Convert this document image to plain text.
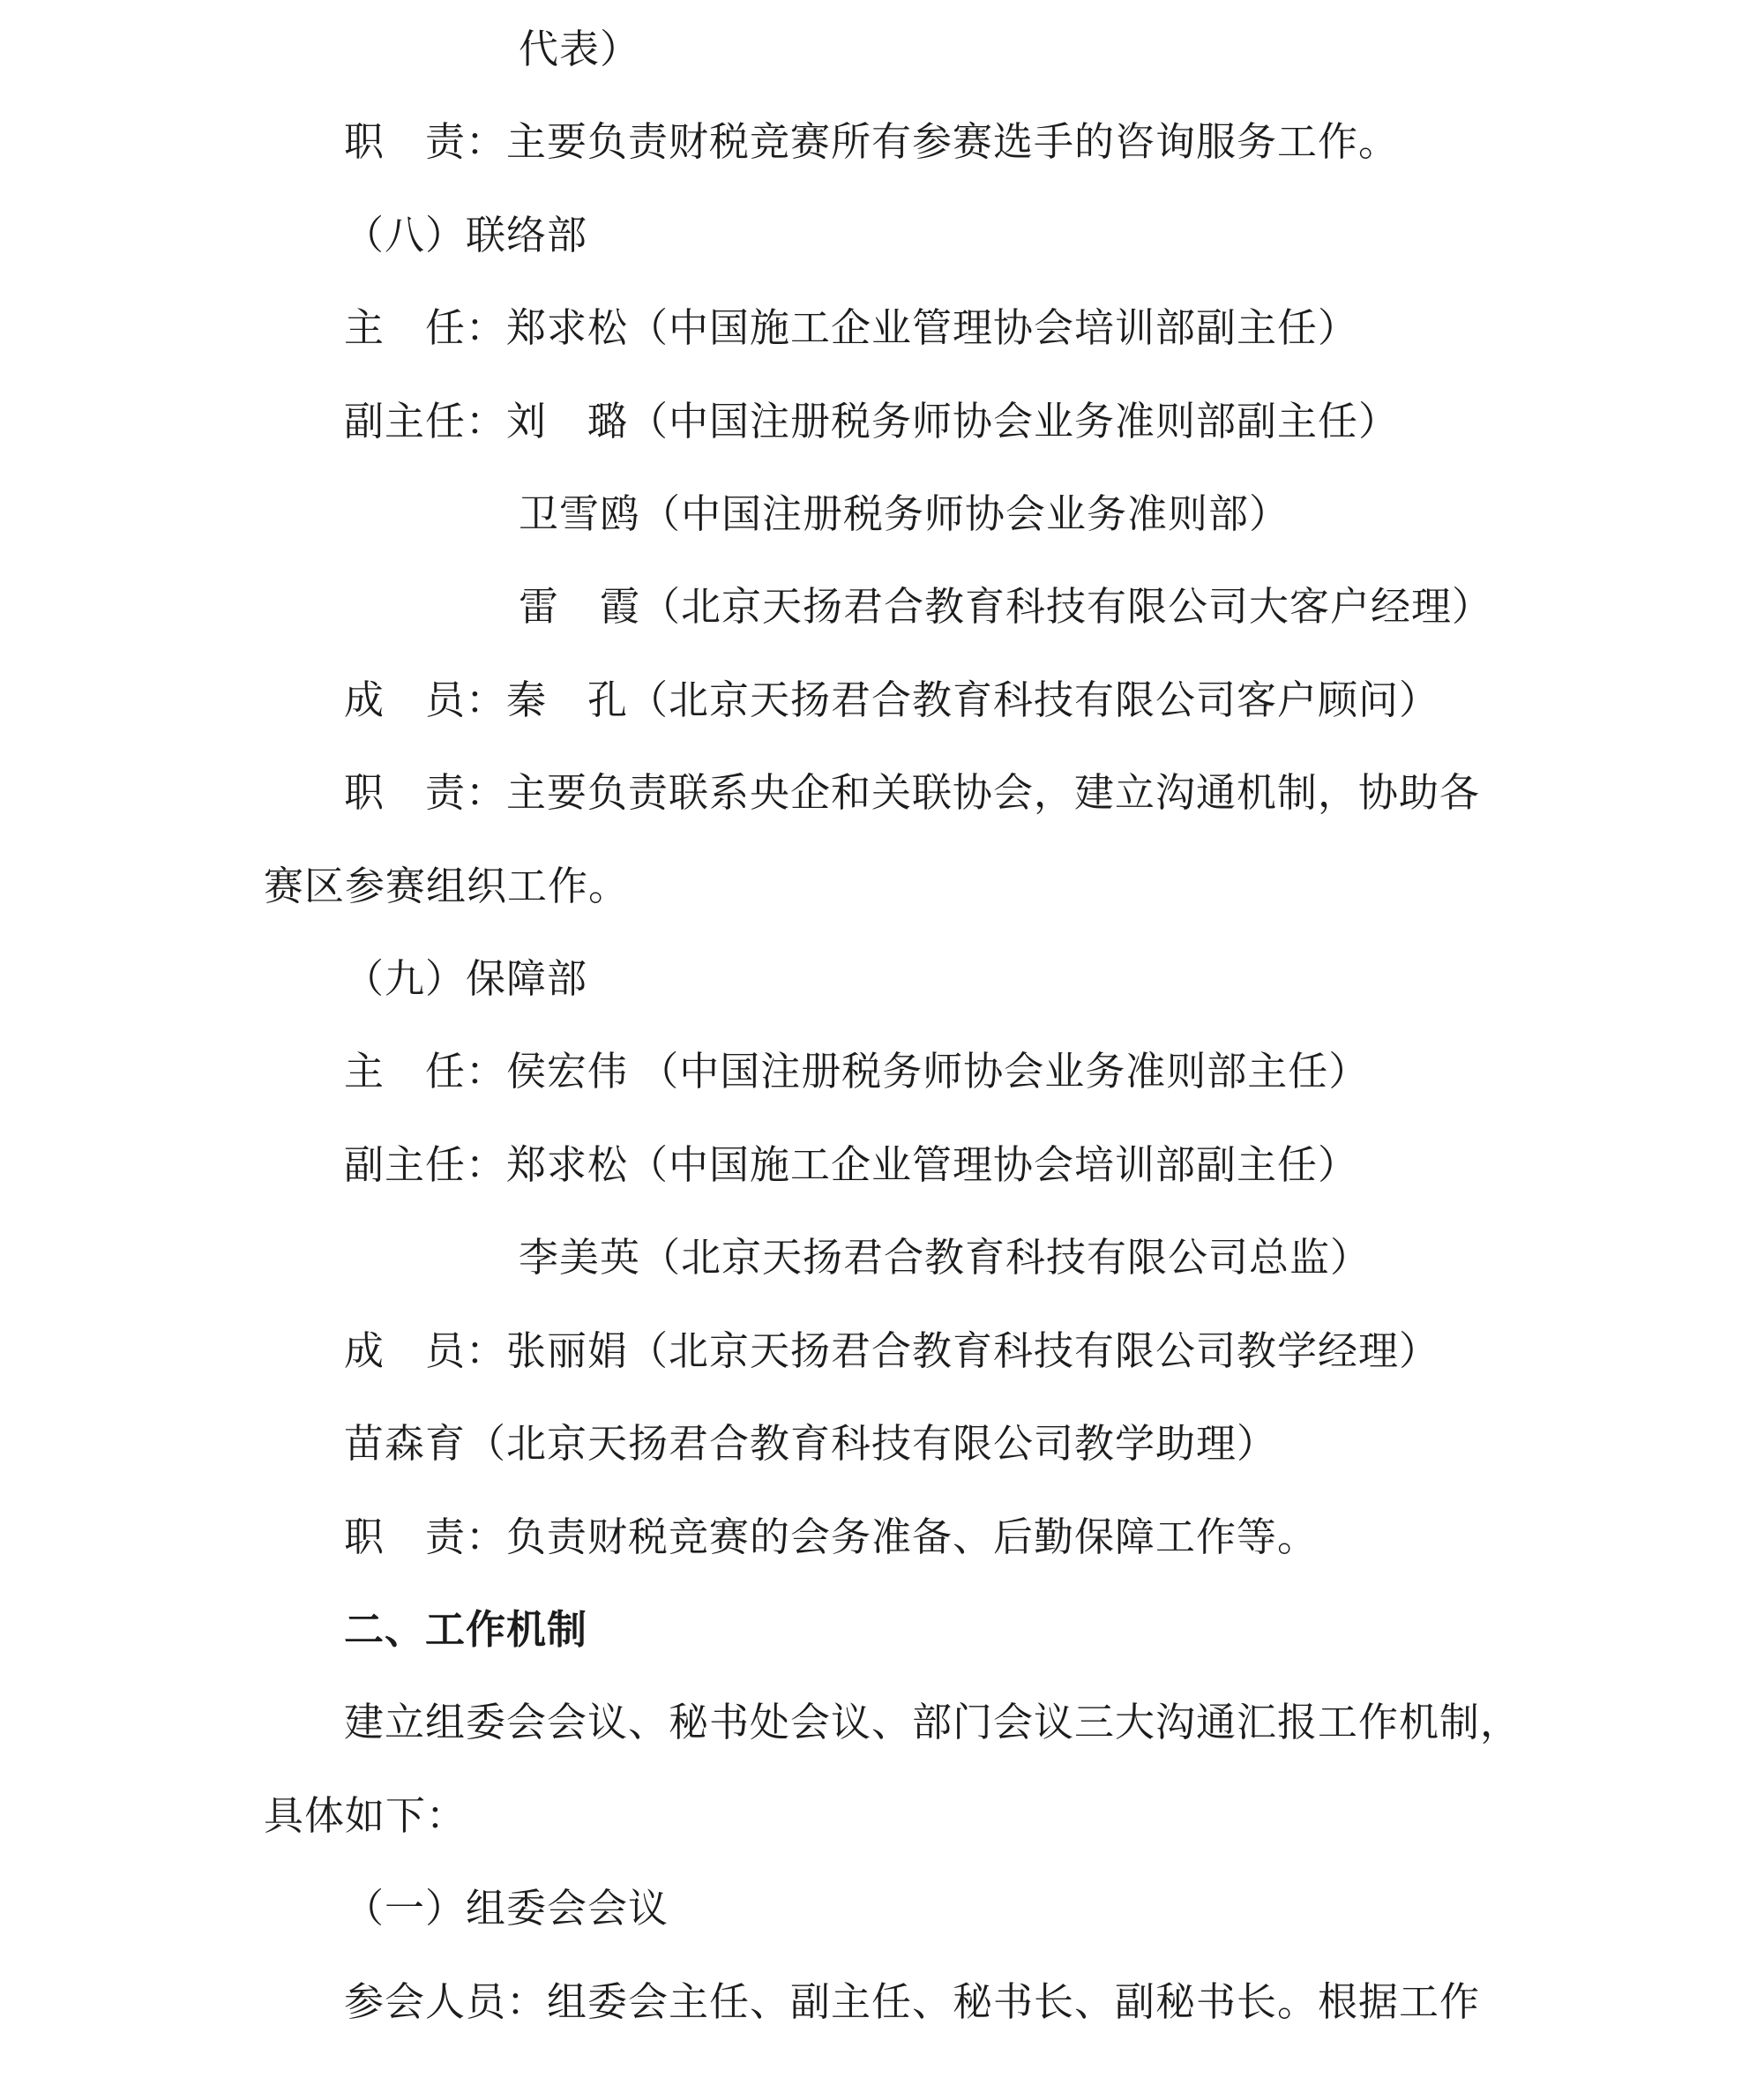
代表）
职　责：主要负责财税竞赛所有参赛选手的咨询服务工作。
（八）联络部
主　任：郑求松（中国施工企业管理协会培训部副主任）
副主任：刘　璐（中国注册税务师协会业务准则部副主任）
卫雪鸥（中国注册税务师协会业务准则部）
雷　霞（北京天扬君合教育科技有限公司大客户经理）
成　员：秦　孔（北京天扬君合教育科技有限公司客户顾问）
职　责：主要负责联系央企和关联协会，建立沟通机制，协助各
赛区参赛组织工作。
（九）保障部
主　任：侯宏伟 （中国注册税务师协会业务准则部主任）
副主任：郑求松（中国施工企业管理协会培训部副主任）
李美英（北京天扬君合教育科技有限公司总监）
成　员：张丽娟（北京天扬君合教育科技有限公司教学经理）
苗森育（北京天扬君合教育科技有限公司教学助理）
职　责：负责财税竞赛的会务准备、后勤保障工作等。
二、工作机制
建立组委会会议、秘书处会议、部门会议三大沟通汇报工作机制，
具体如下：
（一）组委会会议
参会人员：组委会主任、副主任、秘书长、副秘书长。根据工作
